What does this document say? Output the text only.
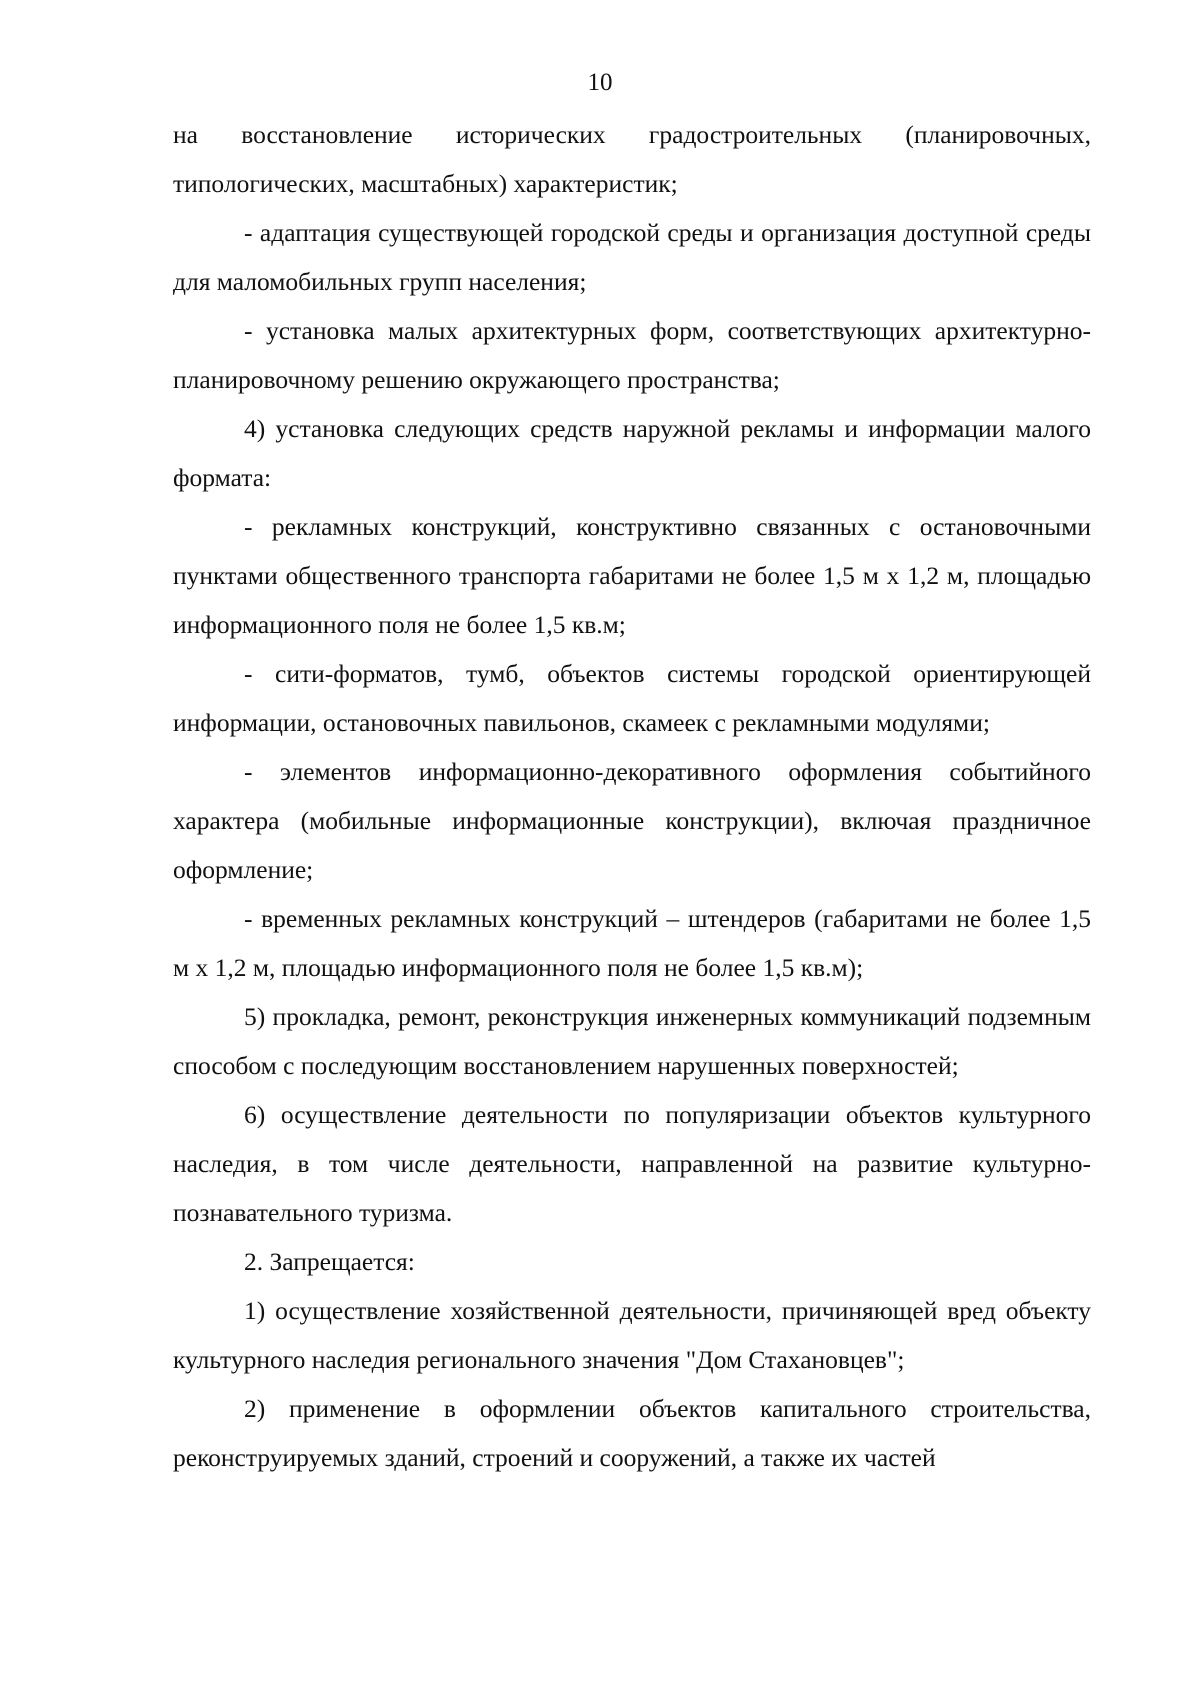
10

на восстановление исторических градостроительных (планировочных, типологических, масштабных) характеристик;

- адаптация существующей городской среды и организация доступной среды для маломобильных групп населения;

- установка малых архитектурных форм, соответствующих архитектурно-планировочному решению окружающего пространства;

4) установка следующих средств наружной рекламы и информации малого формата:

- рекламных конструкций, конструктивно связанных с остановочными пунктами общественного транспорта габаритами не более 1,5 м х 1,2 м, площадью информационного поля не более 1,5 кв.м;

- сити-форматов, тумб, объектов системы городской ориентирующей информации, остановочных павильонов, скамеек с рекламными модулями;

- элементов информационно-декоративного оформления событийного характера (мобильные информационные конструкции), включая праздничное оформление;

- временных рекламных конструкций – штендеров (габаритами не более 1,5 м х 1,2 м, площадью информационного поля не более 1,5 кв.м);

5) прокладка, ремонт, реконструкция инженерных коммуникаций подземным способом с последующим восстановлением нарушенных поверхностей;

6) осуществление деятельности по популяризации объектов культурного наследия, в том числе деятельности, направленной на развитие культурно-познавательного туризма.

2. Запрещается:

1) осуществление хозяйственной деятельности, причиняющей вред объекту культурного наследия регионального значения "Дом Стахановцев";

2) применение в оформлении объектов капитального строительства, реконструируемых зданий, строений и сооружений, а также их частей
